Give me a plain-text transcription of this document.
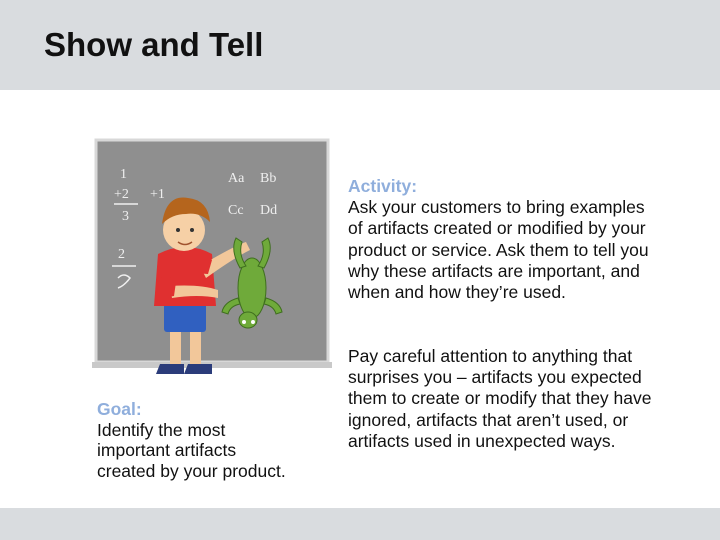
Show and Tell
Aa Bb
Cc Dd
+2
3
1
+1
2
Goal:
Identify the most
important artifacts
created by your product.
Activity:
Ask your customers to bring examples
of artifacts created or modified by your
product or service. Ask them to tell you
why these artifacts are important, and
when and how they’re used.
Pay careful attention to anything that
surprises you – artifacts you expected
them to create or modify that they have
ignored, artifacts that aren’t used, or
artifacts used in unexpected ways.
